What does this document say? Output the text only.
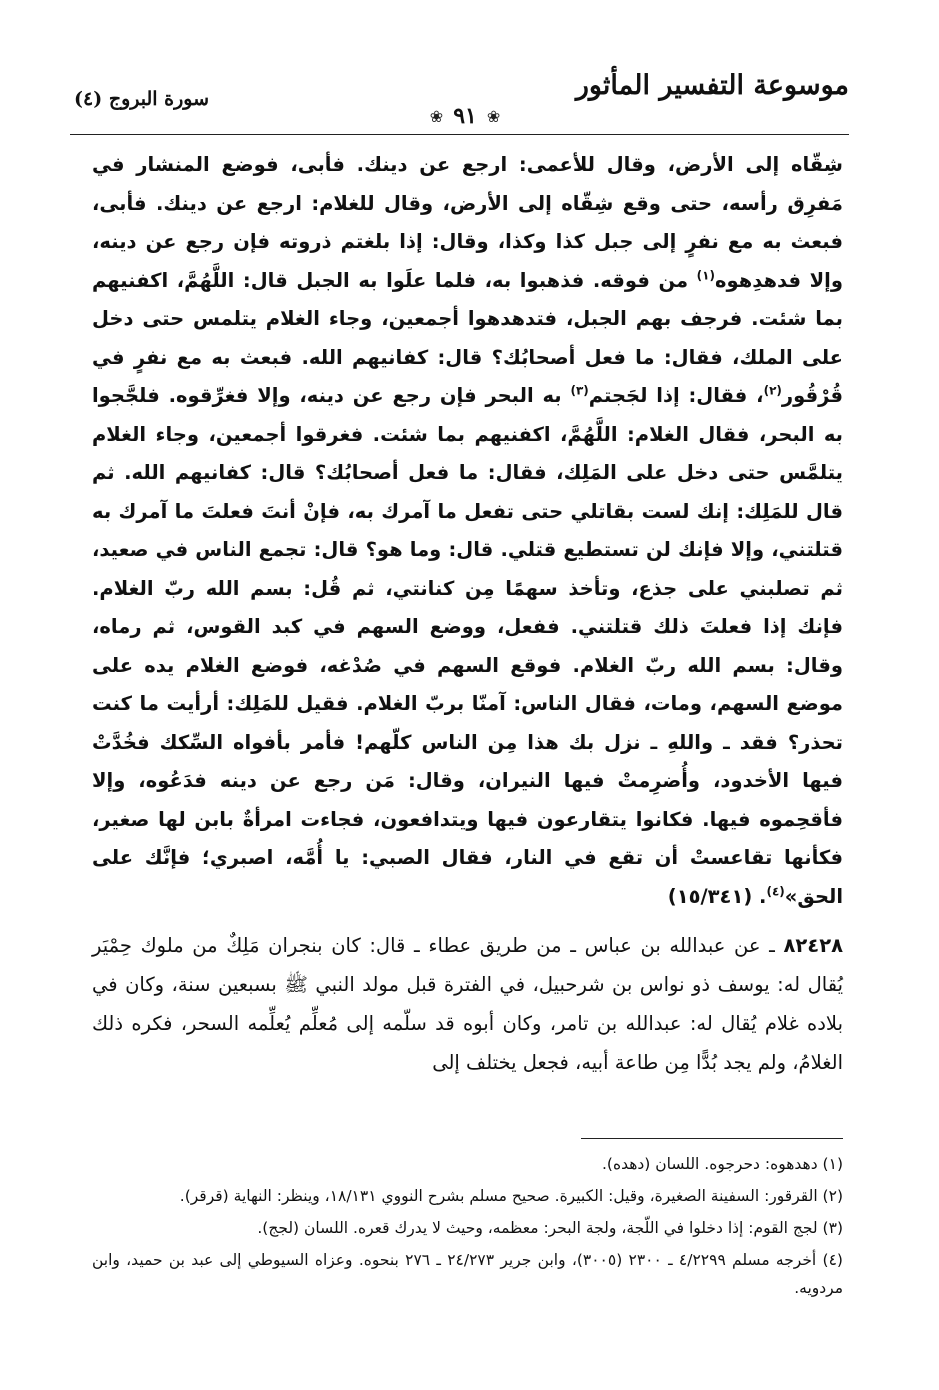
موسوعة التفسير المأثور
❀
٩١
❀
سورة البروج (٤)

شِقّاه إلى الأرض، وقال للأعمى: ارجع عن دينك. فأبى، فوضع المنشار في مَفرِق رأسه، حتى وقع شِقّاه إلى الأرض، وقال للغلام: ارجع عن دينك. فأبى، فبعث به مع نفرٍ إلى جبل كذا وكذا، وقال: إذا بلغتم ذروته فإن رجع عن دينه، وإلا فدهدِهوه$^{(١)}$ من فوقه. فذهبوا به، فلما علَوا به الجبل قال: اللَّهُمَّ، اكفنيهم بما شئت. فرجف بهم الجبل، فتدهدهوا أجمعين، وجاء الغلام يتلمس حتى دخل على الملك، فقال: ما فعل أصحابُك؟ قال: كفانيهم الله. فبعث به مع نفرٍ في قُرْقُور$^{(٢)}$، فقال: إذا لجَجتم$^{(٣)}$ به البحر فإن رجع عن دينه، وإلا فغرِّقوه. فلجَّجوا به البحر، فقال الغلام: اللَّهُمَّ، اكفنيهم بما شئت. فغرقوا أجمعين، وجاء الغلام يتلمَّس حتى دخل على المَلِك، فقال: ما فعل أصحابُك؟ قال: كفانيهم الله. ثم قال للمَلِك: إنك لست بقاتلي حتى تفعل ما آمرك به، فإنْ أنتَ فعلتَ ما آمرك به قتلتني، وإلا فإنك لن تستطيع قتلي. قال: وما هو؟ قال: تجمع الناس في صعيد، ثم تصلبني على جذع، وتأخذ سهمًا مِن كنانتي، ثم قُل: بسم الله ربّ الغلام. فإنك إذا فعلتَ ذلك قتلتني. ففعل، ووضع السهم في كبد القوس، ثم رماه، وقال: بسم الله ربّ الغلام. فوقع السهم في صُدْغه، فوضع الغلام يده على موضع السهم، ومات، فقال الناس: آمنّا بربّ الغلام. فقيل للمَلِك: أرأيت ما كنت تحذر؟ فقد ـ واللهِ ـ نزل بك هذا مِن الناس كلّهم! فأمر بأفواه السِّكك فخُدَّتْ فيها الأخدود، وأُضرِمتْ فيها النيران، وقال: مَن رجع عن دينه فدَعُوه، وإلا فأقحِموه فيها. فكانوا يتقارعون فيها ويتدافعون، فجاءت امرأةٌ بابن لها صغير، فكأنها تقاعستْ أن تقع في النار، فقال الصبي: يا أُمَّه، اصبري؛ فإنَّك على الحق»$^{(٤)}$. (١٥/٣٤١)

٨٢٤٢٨ ـ عن عبدالله بن عباس ـ من طريق عطاء ـ قال: كان بنجران مَلِكٌ من ملوك حِمْيَر يُقال له: يوسف ذو نواس بن شرحبيل، في الفترة قبل مولد النبي ﷺ بسبعين سنة، وكان في بلاده غلام يُقال له: عبدالله بن تامر، وكان أبوه قد سلّمه إلى مُعلِّم يُعلِّمه السحر، فكره ذلك الغلامُ، ولم يجد بُدًّا مِن طاعة أبيه، فجعل يختلف إلى

(١) دهدهوه: دحرجوه. اللسان (دهده).

(٢) القرقور: السفينة الصغيرة، وقيل: الكبيرة. صحيح مسلم بشرح النووي ١٨/١٣١، وينظر: النهاية (قرقر).

(٣) لجج القوم: إذا دخلوا في اللّجة، ولجة البحر: معظمه، وحيث لا يدرك قعره. اللسان (لجج).

(٤) أخرجه مسلم ٤/٢٢٩٩ ـ ٢٣٠٠ (٣٠٠٥)، وابن جرير ٢٤/٢٧٣ ـ ٢٧٦ بنحوه. وعزاه السيوطي إلى عبد بن حميد، وابن مردويه.
